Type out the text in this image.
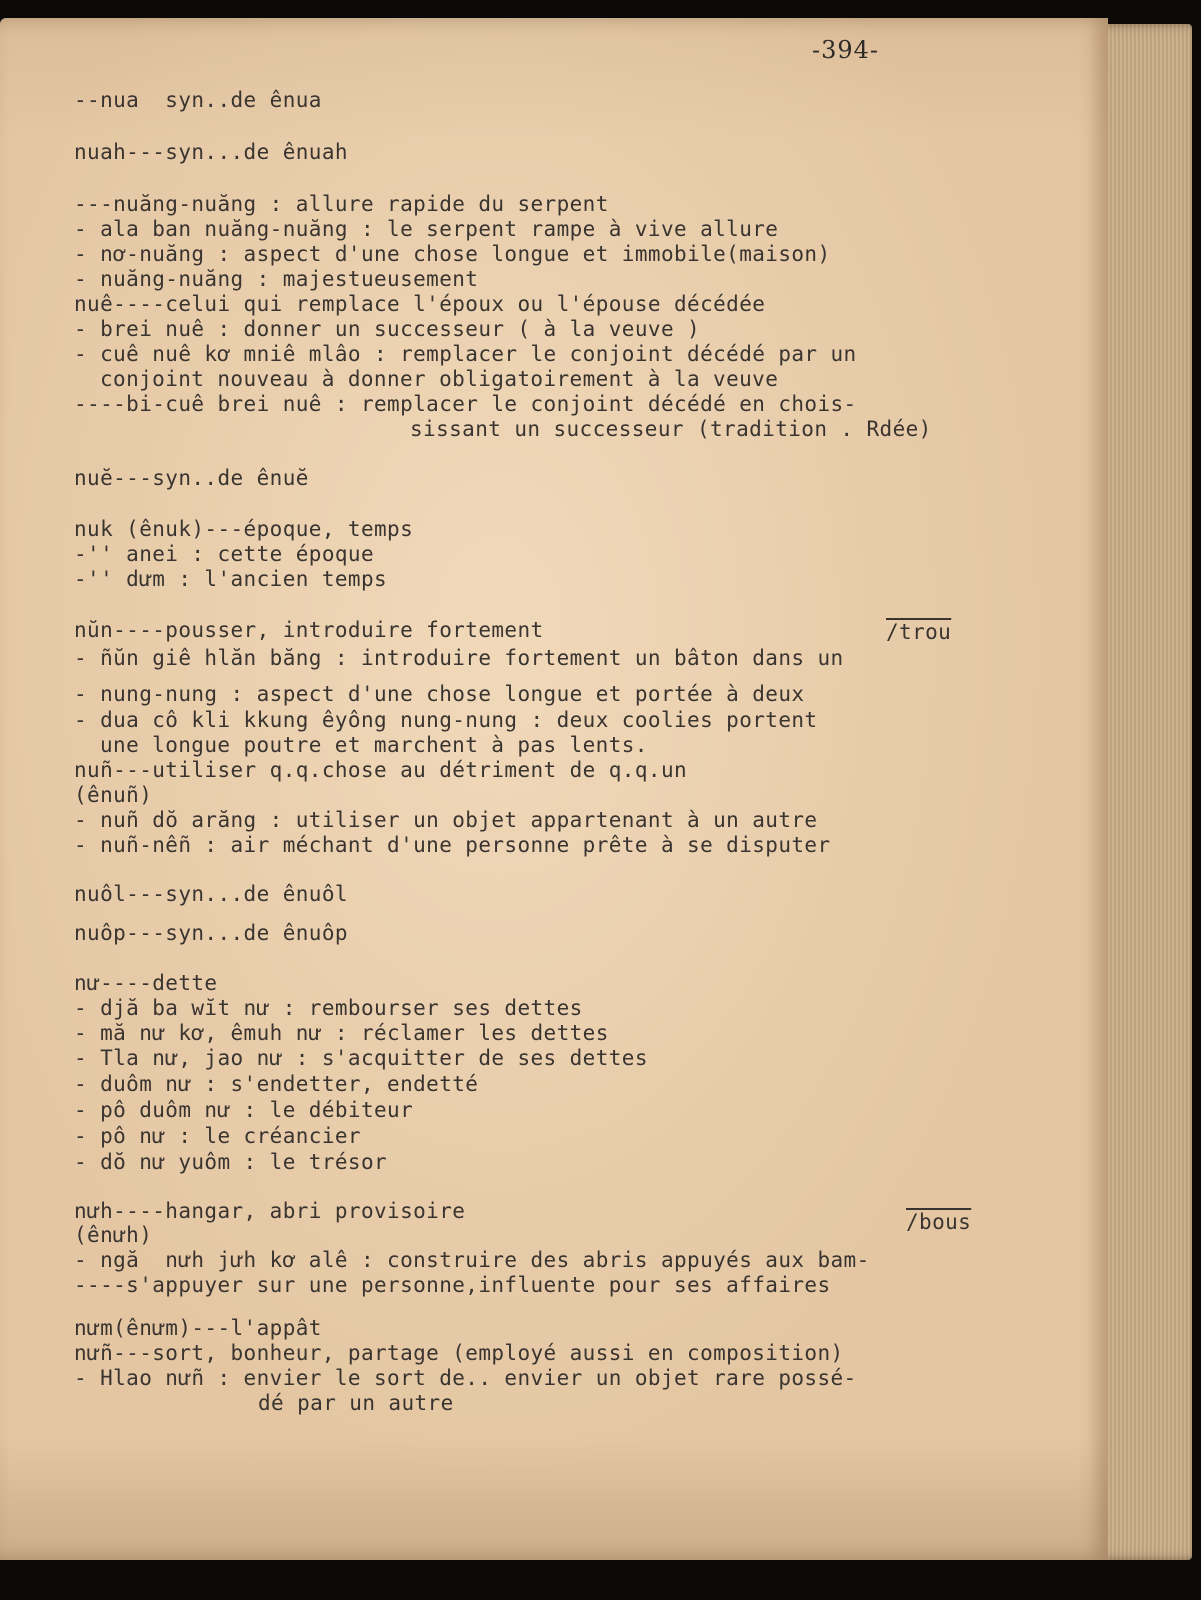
-394-
--nua  syn..de ênua
nuah---syn...de ênuah
---nuăng-nuăng : allure rapide du serpent
- ala ban nuăng-nuăng : le serpent rampe à vive allure
- nơ-nuăng : aspect d'une chose longue et immobile(maison)
- nuăng-nuăng : majestueusement
nuê----celui qui remplace l'époux ou l'épouse décédée
- brei nuê : donner un successeur ( à la veuve )
- cuê nuê kơ mniê mlâo : remplacer le conjoint décédé par un
conjoint nouveau à donner obligatoirement à la veuve
----bi-cuê brei nuê : remplacer le conjoint décédé en chois-
sissant un successeur (tradition . Rdée)
nuĕ---syn..de ênuĕ
nuk (ênuk)---époque, temps
-'' anei : cette époque
-'' dưm : l'ancien temps
nŭn----pousser, introduire fortement
- ñŭn giê hlăn băng : introduire fortement un bâton dans un
- nung-nung : aspect d'une chose longue et portée à deux
- dua cô kli kkung êyông nung-nung : deux coolies portent
une longue poutre et marchent à pas lents.
nuñ---utiliser q.q.chose au détriment de q.q.un
(ênuñ)
- nuñ dŏ arăng : utiliser un objet appartenant à un autre
- nuñ-nêñ : air méchant d'une personne prête à se disputer
nuôl---syn...de ênuôl
nuôp---syn...de ênuôp
nư----dette
- djă ba wĭt nư : rembourser ses dettes
- mă nư kơ, êmuh nư : réclamer les dettes
- Tla nư, jao nư : s'acquitter de ses dettes
- duôm nư : s'endetter, endetté
- pô duôm nư : le débiteur
- pô nư : le créancier
- dŏ nư yuôm : le trésor
nưh----hangar, abri provisoire
(ênưh)
- ngă  nưh jưh kơ alê : construire des abris appuyés aux bam-
----s'appuyer sur une personne,influente pour ses affaires
nưm(ênưm)---l'appât
nưñ---sort, bonheur, partage (employé aussi en composition)
- Hlao nưñ : envier le sort de.. envier un objet rare possé-
dé par un autre
/trou
/bous
